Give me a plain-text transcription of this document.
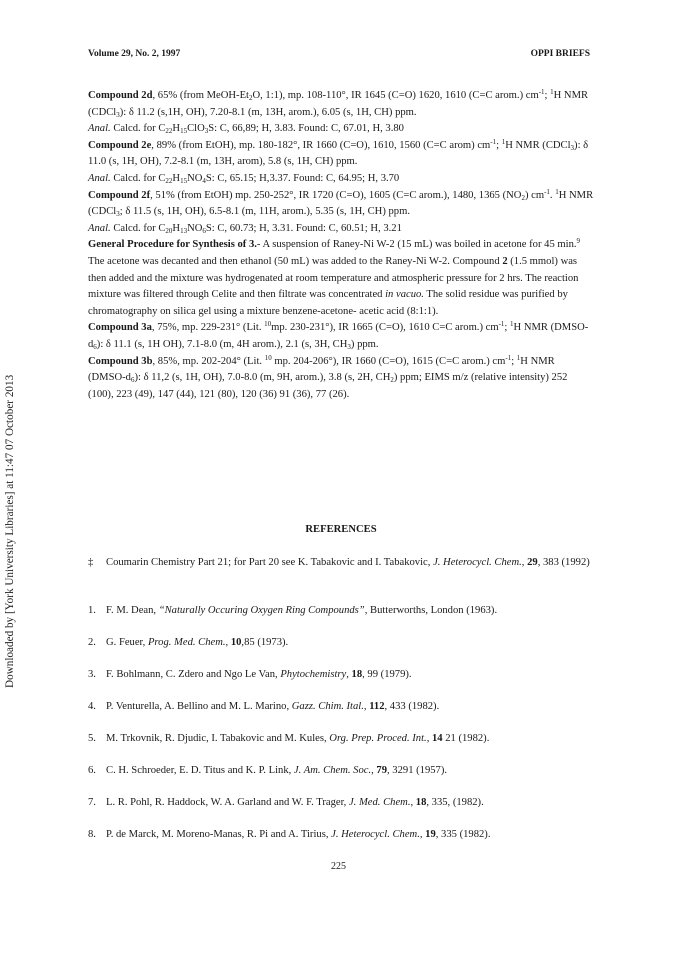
Volume 29, No. 2, 1997	OPPI BRIEFS
Downloaded by [York University Libraries] at 11:47 07 October 2013

Compound 2d, 65% (from MeOH-$Et_2O$, 1:1), mp. 108-110°, IR 1645 (C=O) 1620, 1610 (C=C arom.) $cm^{-1}$; $^1$H NMR (CDCl$_3$): δ 11.2 (s,1H, OH), 7.20-8.1 (m, 13H, arom.), 6.05 (s, 1H, CH) ppm.

Anal. Calcd. for $C_{22}H_{15}ClO_3S$: C, 66,89; H, 3.83. Found: C, 67.01, H, 3.80

Compound 2e, 89% (from EtOH), mp. 180-182°, IR 1660 (C=O), 1610, 1560 (C=C arom) $cm^{-1}$; $^1$H NMR (CDCl$_3$): δ 11.0 (s, 1H, OH), 7.2-8.1 (m, 13H, arom), 5.8 (s, 1H, CH) ppm.

Anal. Calcd. for $C_{22}H_{15}NO_4S$: C, 65.15; H,3.37. Found: C, 64.95; H, 3.70

Compound 2f, 51% (from EtOH) mp. 250-252°, IR 1720 (C=O), 1605 (C=C arom.), 1480, 1365 $(NO_2)$ $cm^{-1}$. $^1$H NMR (CDCl$_3$; δ 11.5 (s, 1H, OH), 6.5-8.1 (m, 11H, arom.), 5.35 (s, 1H, CH) ppm.

Anal. Calcd. for $C_{20}H_{13}NO_6S$: C, 60.73; H, 3.31. Found: C, 60.51; H, 3.21

General Procedure for Synthesis of 3.- A suspension of Raney-Ni W-2 (15 mL) was boiled in acetone for 45 min.$^9$ The acetone was decanted and then ethanol (50 mL) was added to the Raney-Ni W-2. Compound 2 (1.5 mmol) was then added and the mixture was hydrogenated at room temperature and atmospheric pressure for 2 hrs. The reaction mixture was filtered through Celite and then filtrate was concentrated in vacuo. The solid residue was purified by chromatography on silica gel using a mixture benzene-acetone- acetic acid (8:1:1).

Compound 3a, 75%, mp. 229-231° (Lit. $^{10}$mp. 230-231°), IR 1665 (C=O), 1610 C=C arom.) $cm^{-1}$; $^1$H NMR $(DMSO-d_6)$: δ 11.1 (s, 1H OH), 7.1-8.0 (m, 4H arom.), 2.1 (s, 3H, $CH_3$) ppm.

Compound 3b, 85%, mp. 202-204° (Lit. $^{10}$ mp. 204-206°), IR 1660 (C=O), 1615 (C=C arom.) $cm^{-1}$; $^1$H NMR $(DMSO-d_6)$: δ 11,2 (s, 1H, OH), 7.0-8.0 (m, 9H, arom.), 3.8 (s, 2H, $CH_2$) ppm; EIMS m/z (relative intensity) 252 (100), 223 (49), 147 (44), 121 (80), 120 (36) 91 (36), 77 (26).

REFERENCES
‡ Coumarin Chemistry Part 21; for Part 20 see K. Tabakovic and I. Tabakovic, J. Heterocycl. Chem., 29, 383 (1992)
1. F. M. Dean, “Naturally Occuring Oxygen Ring Compounds”, Butterworths, London (1963).
2. G. Feuer, Prog. Med. Chem., 10,85 (1973).
3. F. Bohlmann, C. Zdero and Ngo Le Van, Phytochemistry, 18, 99 (1979).
4. P. Venturella, A. Bellino and M. L. Marino, Gazz. Chim. Ital., 112, 433 (1982).
5. M. Trkovnik, R. Djudic, I. Tabakovic and M. Kules, Org. Prep. Proced. Int., 14 21 (1982).
6. C. H. Schroeder, E. D. Titus and K. P. Link, J. Am. Chem. Soc., 79, 3291 (1957).
7. L. R. Pohl, R. Haddock, W. A. Garland and W. F. Trager, J. Med. Chem., 18, 335, (1982).
8. P. de Marck, M. Moreno-Manas, R. Pi and A. Tirius, J. Heterocycl. Chem., 19, 335 (1982).
225
